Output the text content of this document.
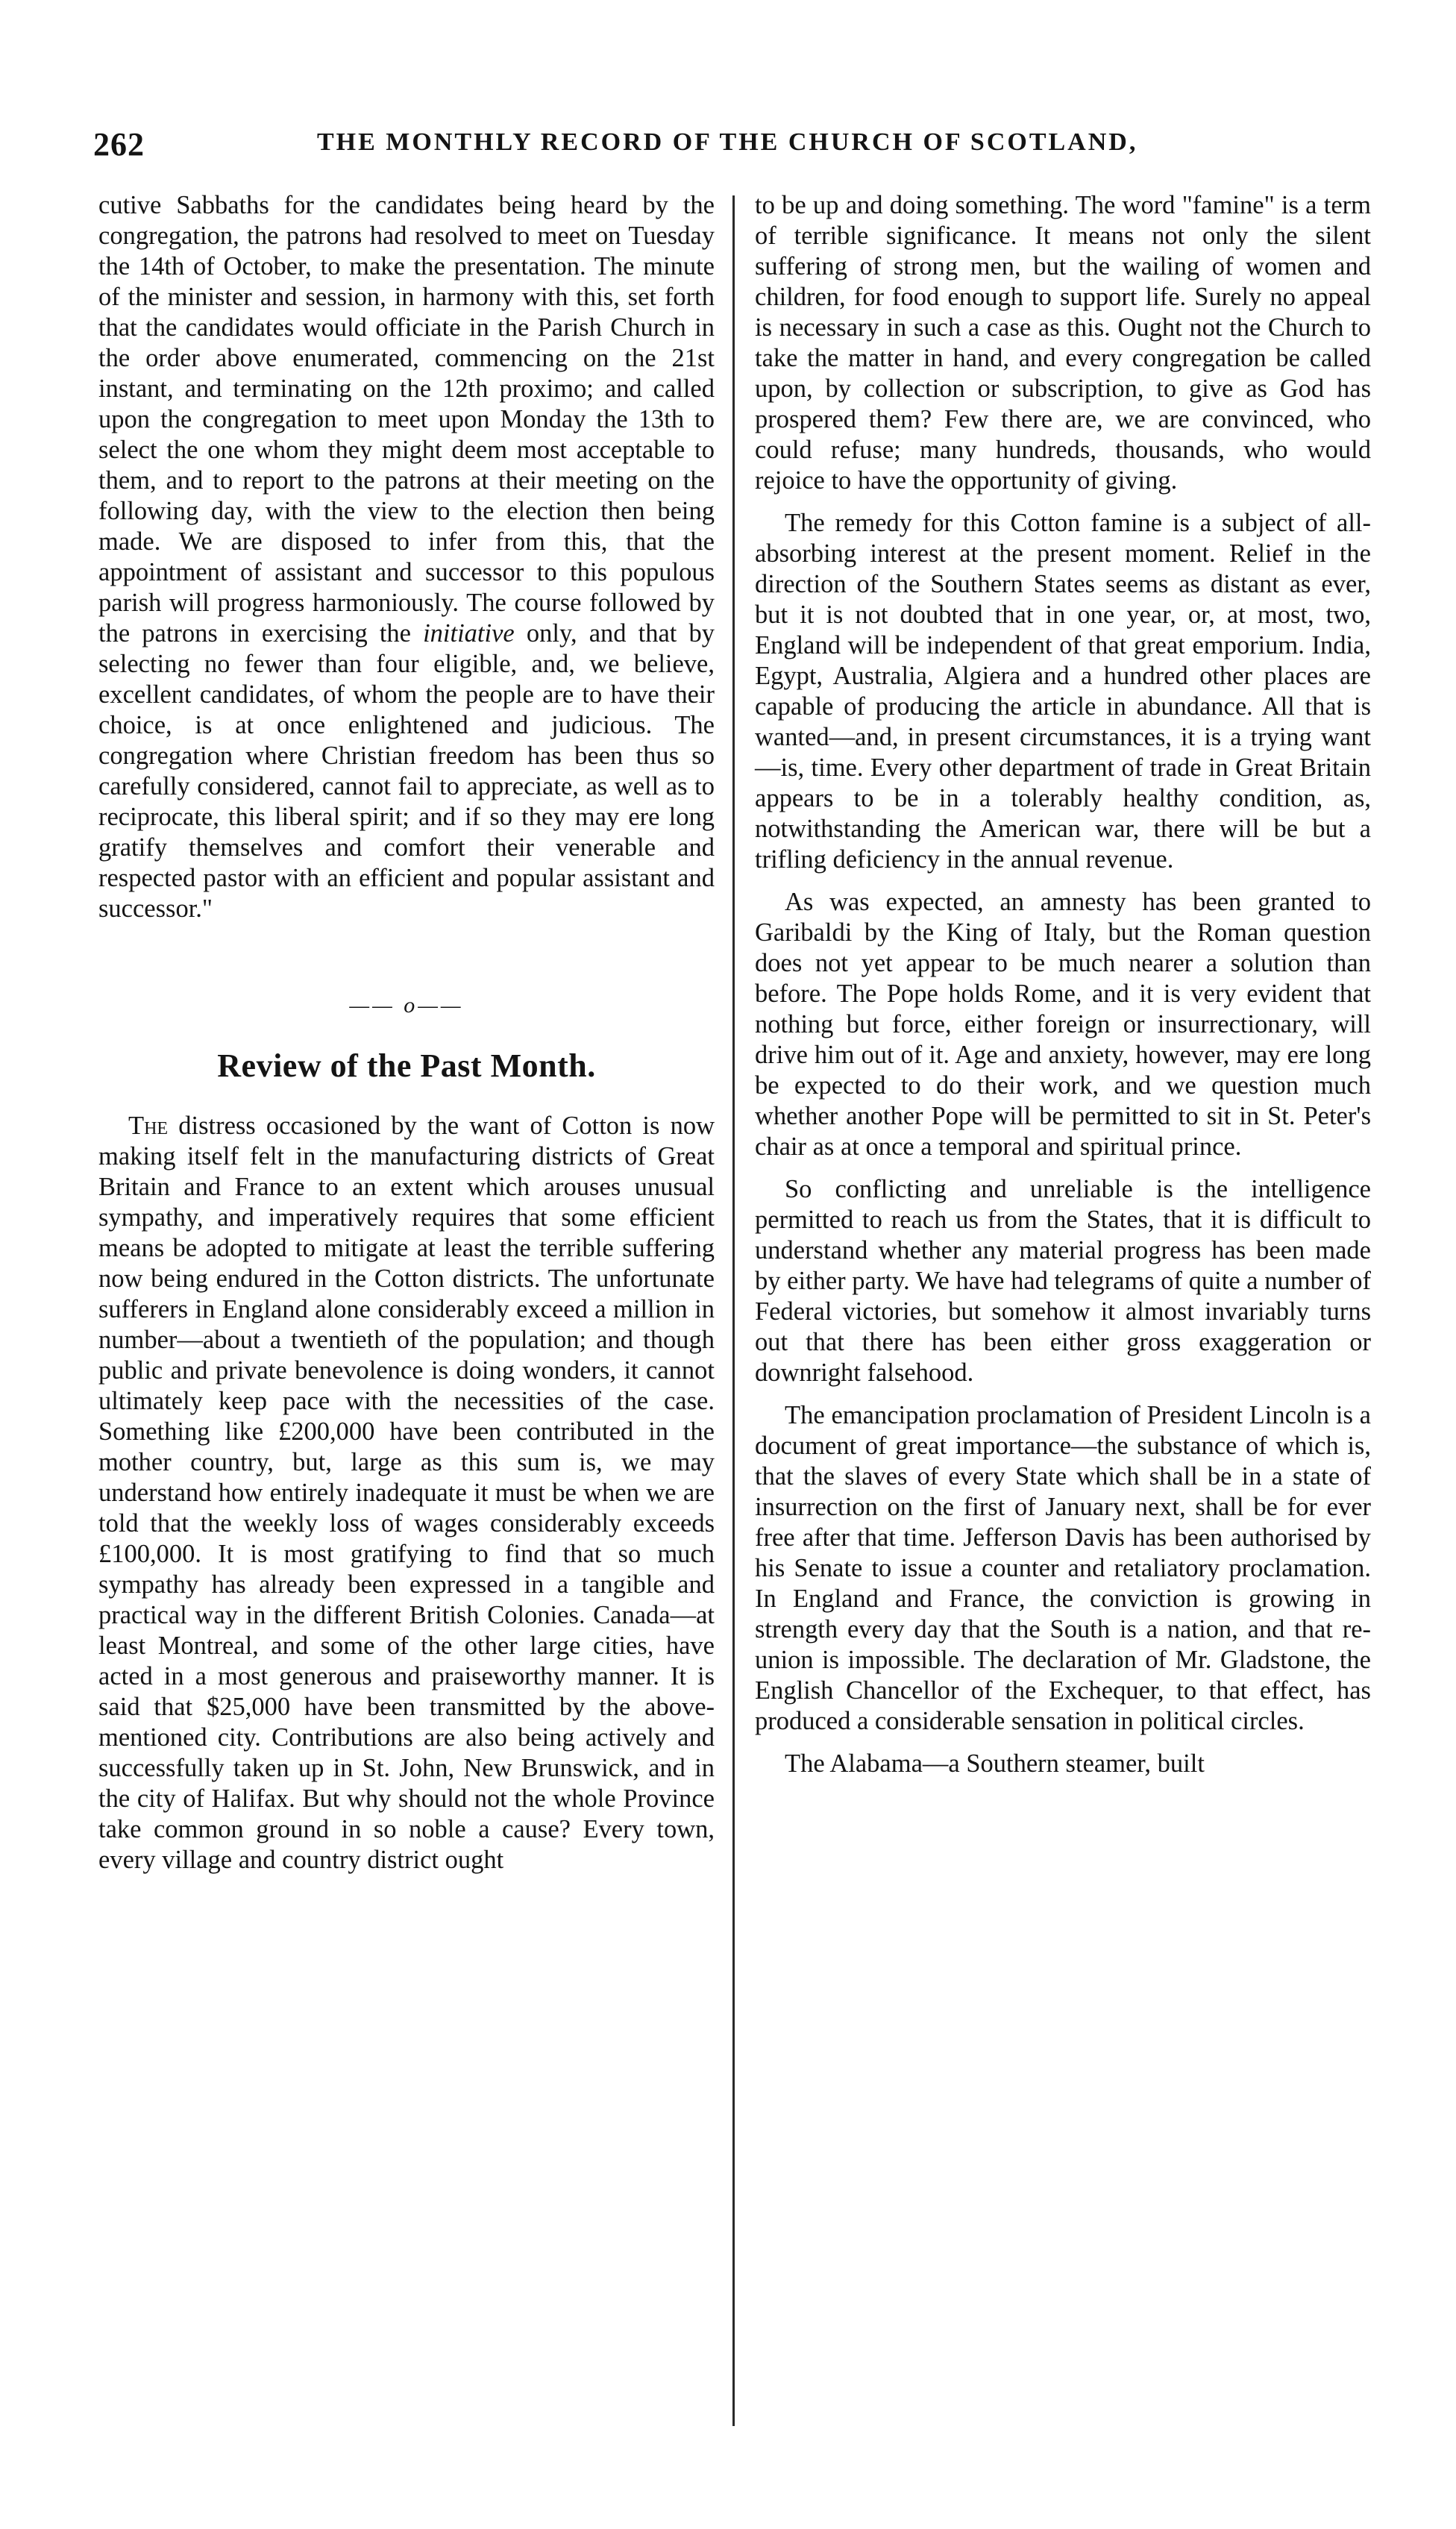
262	THE MONTHLY RECORD OF THE CHURCH OF SCOTLAND,

cutive Sabbaths for the candidates being heard by the congregation, the patrons had resolved to meet on Tuesday the 14th of October, to make the presentation. The minute of the minister and session, in harmony with this, set forth that the candidates would officiate in the Parish Church in the order above enumerated, commencing on the 21st instant, and terminating on the 12th proximo; and called upon the congregation to meet upon Monday the 13th to select the one whom they might deem most acceptable to them, and to report to the patrons at their meeting on the following day, with the view to the election then being made. We are disposed to infer from this, that the appointment of assistant and successor to this populous parish will progress harmoniously. The course followed by the patrons in exercising the initiative only, and that by selecting no fewer than four eligible, and, we believe, excellent candidates, of whom the people are to have their choice, is at once enlightened and judicious. The congregation where Christian freedom has been thus so carefully considered, cannot fail to appreciate, as well as to reciprocate, this liberal spirit; and if so they may ere long gratify themselves and comfort their venerable and respected pastor with an efficient and popular assistant and successor."

—— o——
Review of the Past Month.

The distress occasioned by the want of Cotton is now making itself felt in the manufacturing districts of Great Britain and France to an extent which arouses unusual sympathy, and imperatively requires that some efficient means be adopted to mitigate at least the terrible suffering now being endured in the Cotton districts. The unfortunate sufferers in England alone considerably exceed a million in number—about a twentieth of the population; and though public and private benevolence is doing wonders, it cannot ultimately keep pace with the necessities of the case. Something like £200,000 have been contributed in the mother country, but, large as this sum is, we may understand how entirely inadequate it must be when we are told that the weekly loss of wages considerably exceeds £100,000. It is most gratifying to find that so much sympathy has already been expressed in a tangible and practical way in the different British Colonies. Canada—at least Montreal, and some of the other large cities, have acted in a most generous and praiseworthy manner. It is said that $25,000 have been transmitted by the above-mentioned city. Contributions are also being actively and successfully taken up in St. John, New Brunswick, and in the city of Halifax. But why should not the whole Province take common ground in so noble a cause? Every town, every village and country district ought

to be up and doing something. The word "famine" is a term of terrible significance. It means not only the silent suffering of strong men, but the wailing of women and children, for food enough to support life. Surely no appeal is necessary in such a case as this. Ought not the Church to take the matter in hand, and every congregation be called upon, by collection or subscription, to give as God has prospered them? Few there are, we are convinced, who could refuse; many hundreds, thousands, who would rejoice to have the opportunity of giving.

The remedy for this Cotton famine is a subject of all-absorbing interest at the present moment. Relief in the direction of the Southern States seems as distant as ever, but it is not doubted that in one year, or, at most, two, England will be independent of that great emporium. India, Egypt, Australia, Algiera and a hundred other places are capable of producing the article in abundance. All that is wanted—and, in present circumstances, it is a trying want—is, time. Every other department of trade in Great Britain appears to be in a tolerably healthy condition, as, notwithstanding the American war, there will be but a trifling deficiency in the annual revenue.

As was expected, an amnesty has been granted to Garibaldi by the King of Italy, but the Roman question does not yet appear to be much nearer a solution than before. The Pope holds Rome, and it is very evident that nothing but force, either foreign or insurrectionary, will drive him out of it. Age and anxiety, however, may ere long be expected to do their work, and we question much whether another Pope will be permitted to sit in St. Peter's chair as at once a temporal and spiritual prince.

So conflicting and unreliable is the intelligence permitted to reach us from the States, that it is difficult to understand whether any material progress has been made by either party. We have had telegrams of quite a number of Federal victories, but somehow it almost invariably turns out that there has been either gross exaggeration or downright falsehood.

The emancipation proclamation of President Lincoln is a document of great importance—the substance of which is, that the slaves of every State which shall be in a state of insurrection on the first of January next, shall be for ever free after that time. Jefferson Davis has been authorised by his Senate to issue a counter and retaliatory proclamation. In England and France, the conviction is growing in strength every day that the South is a nation, and that re-union is impossible. The declaration of Mr. Gladstone, the English Chancellor of the Exchequer, to that effect, has produced a considerable sensation in political circles.

The Alabama—a Southern steamer, built
